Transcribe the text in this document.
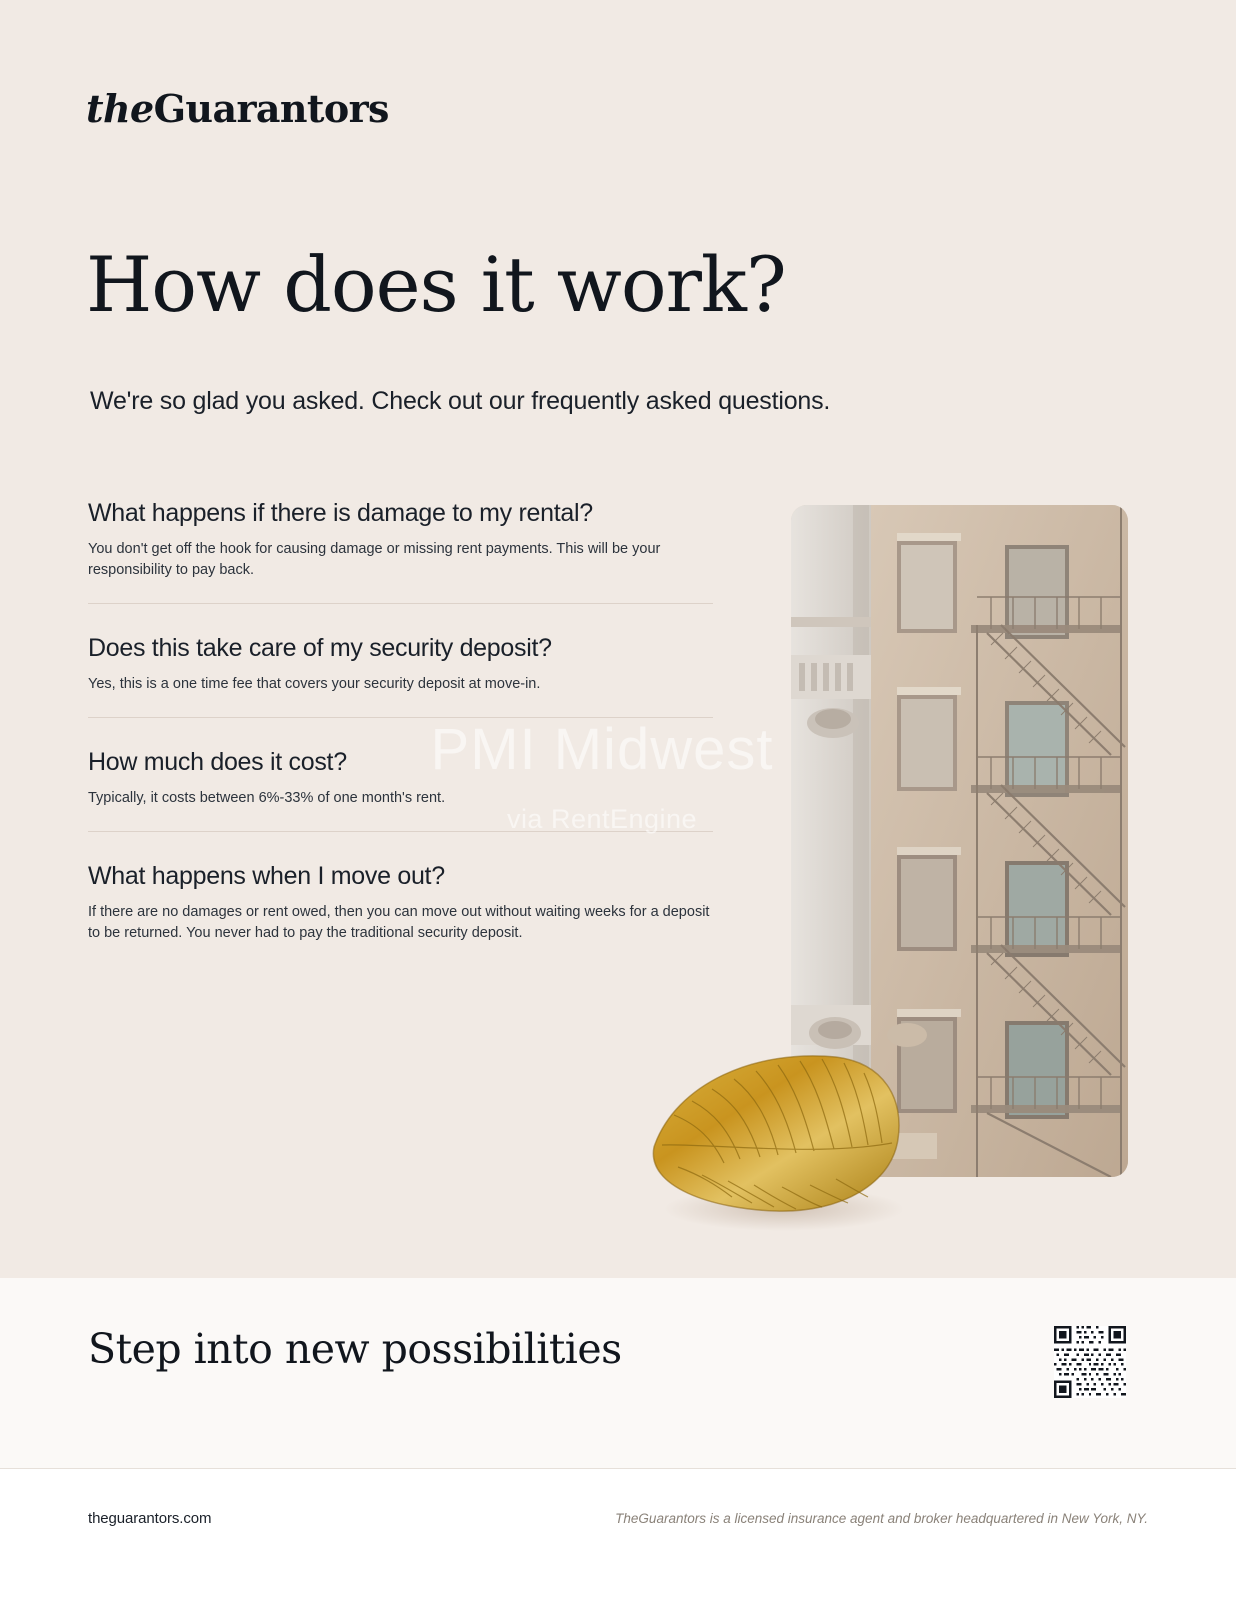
theGuarantors
How does it work?
We're so glad you asked. Check out our frequently asked questions.

What happens if there is damage to my rental?

You don't get off the hook for causing damage or missing rent payments. This will be your responsibility to pay back.

Does this take care of my security deposit?

Yes, this is a one time fee that covers your security deposit at move-in.

How much does it cost?

Typically, it costs between 6%-33% of one month's rent.

What happens when I move out?

If there are no damages or rent owed, then you can move out without waiting weeks for a deposit to be returned. You never had to pay the traditional security deposit.

PMI Midwest
via RentEngine
Step into new possibilities
theguarantors.com	TheGuarantors is a licensed insurance agent and broker headquartered in New York, NY.
